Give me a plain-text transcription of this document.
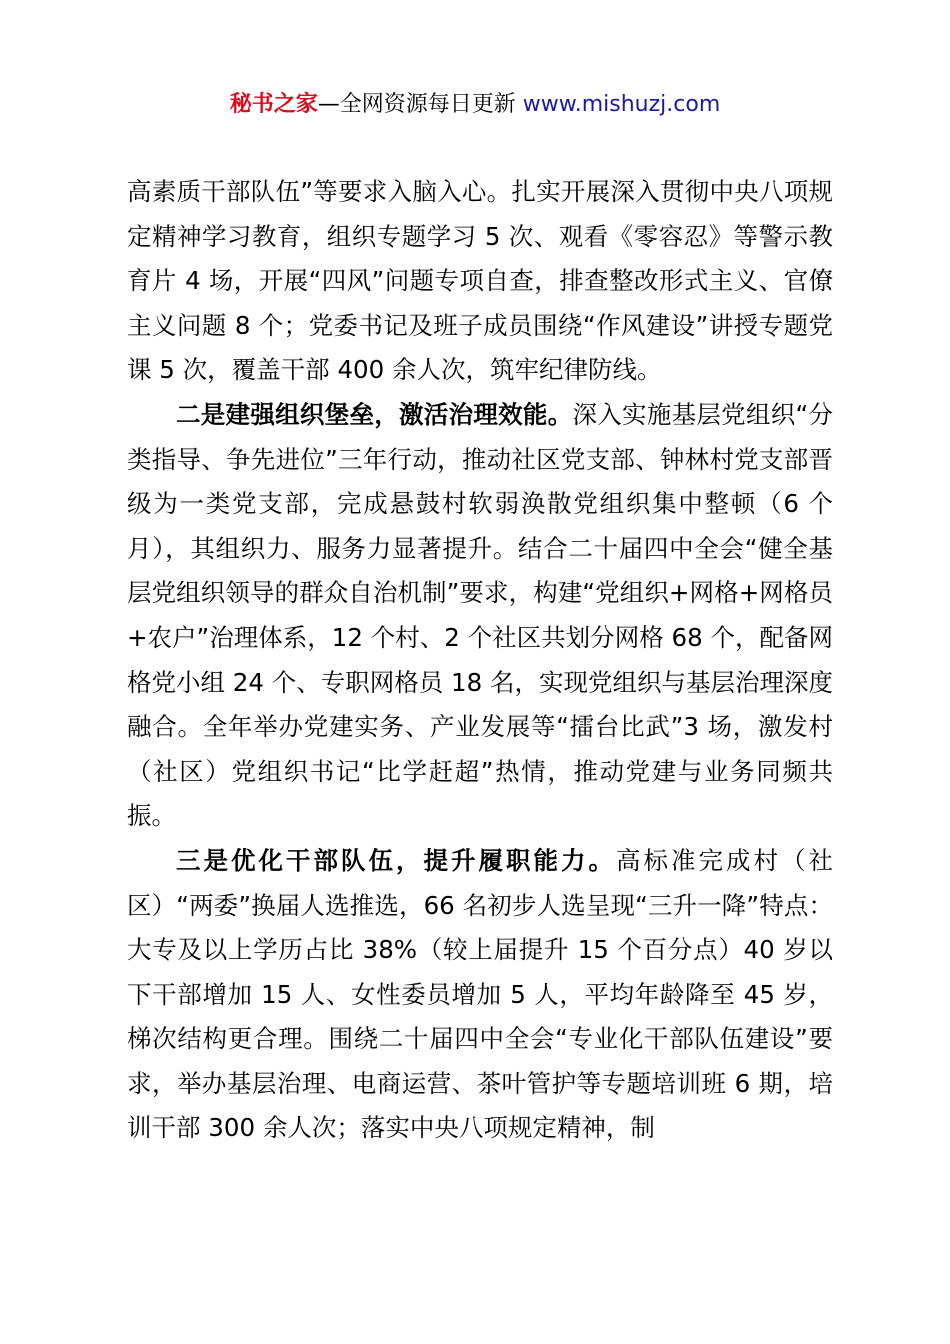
秘书之家—全网资源每日更新 www.mishuzj.com

高素质干部队伍”等要求入脑入心。扎实开展深入贯彻中央八项规定精神学习教育，组织专题学习 5 次、观看《零容忍》等警示教育片 4 场，开展“四风”问题专项自查，排查整改形式主义、官僚主义问题 8 个；党委书记及班子成员围绕“作风建设”讲授专题党课 5 次，覆盖干部 400 余人次，筑牢纪律防线。

二是建强组织堡垒，激活治理效能。深入实施基层党组织“分类指导、争先进位”三年行动，推动社区党支部、钟林村党支部晋级为一类党支部，完成悬鼓村软弱涣散党组织集中整顿（6 个月），其组织力、服务力显著提升。结合二十届四中全会“健全基层党组织领导的群众自治机制”要求，构建“党组织+网格+网格员+农户”治理体系，12 个村、2 个社区共划分网格 68 个，配备网格党小组 24 个、专职网格员 18 名，实现党组织与基层治理深度融合。全年举办党建实务、产业发展等“擂台比武”3 场，激发村（社区）党组织书记“比学赶超”热情，推动党建与业务同频共振。

三是优化干部队伍，提升履职能力。高标准完成村（社区）“两委”换届人选推选，66 名初步人选呈现“三升一降”特点：大专及以上学历占比 38%（较上届提升 15 个百分点）40 岁以下干部增加 15 人、女性委员增加 5 人，平均年龄降至 45 岁，梯次结构更合理。围绕二十届四中全会“专业化干部队伍建设”要求，举办基层治理、电商运营、茶叶管护等专题培训班 6 期，培训干部 300 余人次；落实中央八项规定精神，制
